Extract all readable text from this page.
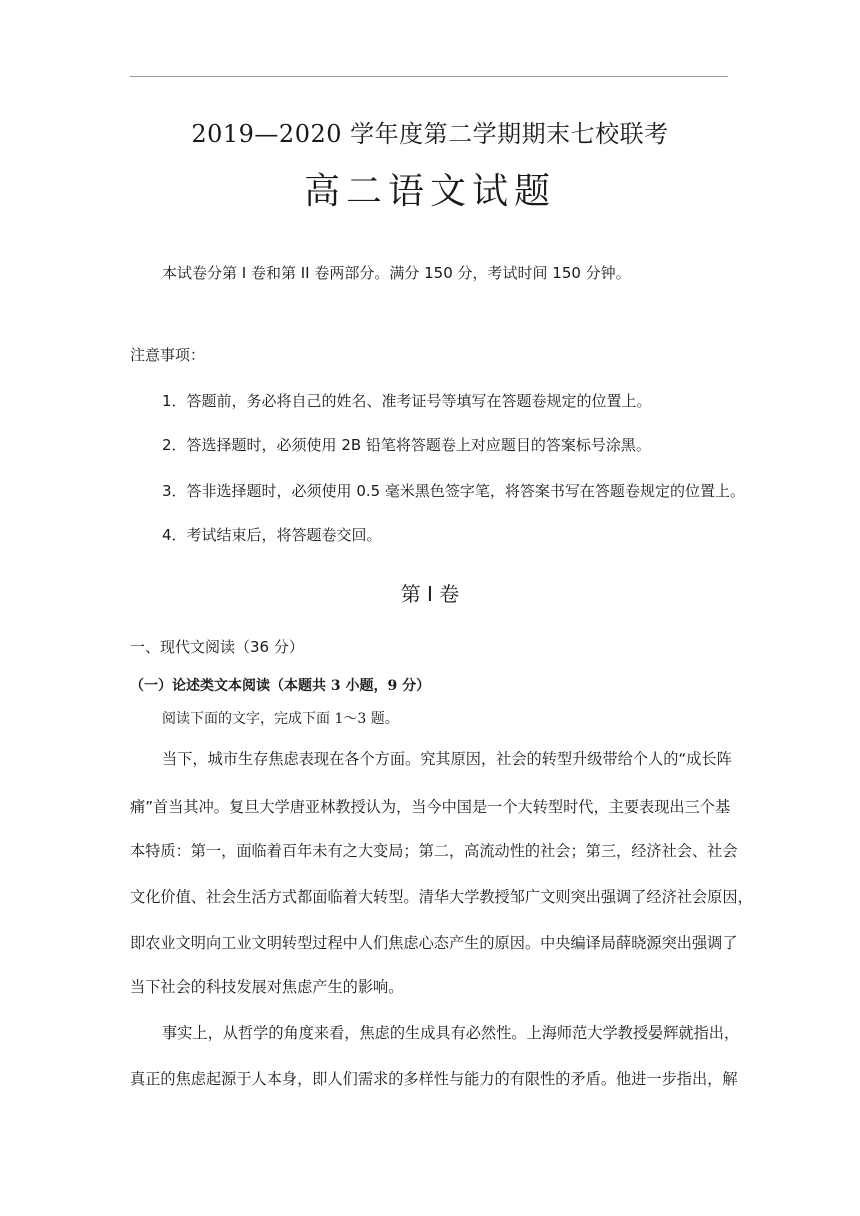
2019—2020 学年度第二学期期末七校联考
高二语文试题
本试卷分第 I 卷和第 II 卷两部分。满分 150 分，考试时间 150 分钟。
注意事项：
1．答题前，务必将自己的姓名、准考证号等填写在答题卷规定的位置上。
2．答选择题时，必须使用 2B 铅笔将答题卷上对应题目的答案标号涂黑。
3．答非选择题时，必须使用 0.5 毫米黑色签字笔，将答案书写在答题卷规定的位置上。
4．考试结束后，将答题卷交回。
第 I 卷
一、现代文阅读（36 分）
（一）论述类文本阅读（本题共 3 小题，9 分）
阅读下面的文字，完成下面 1～3 题。
当下，城市生存焦虑表现在各个方面。究其原因，社会的转型升级带给个人的“成长阵
痛”首当其冲。复旦大学唐亚林教授认为，当今中国是一个大转型时代，主要表现出三个基
本特质：第一，面临着百年未有之大变局；第二，高流动性的社会；第三，经济社会、社会
文化价值、社会生活方式都面临着大转型。清华大学教授邹广文则突出强调了经济社会原因，
即农业文明向工业文明转型过程中人们焦虑心态产生的原因。中央编译局薛晓源突出强调了
当下社会的科技发展对焦虑产生的影响。
事实上，从哲学的角度来看，焦虑的生成具有必然性。上海师范大学教授晏辉就指出，
真正的焦虑起源于人本身，即人们需求的多样性与能力的有限性的矛盾。他进一步指出，解
